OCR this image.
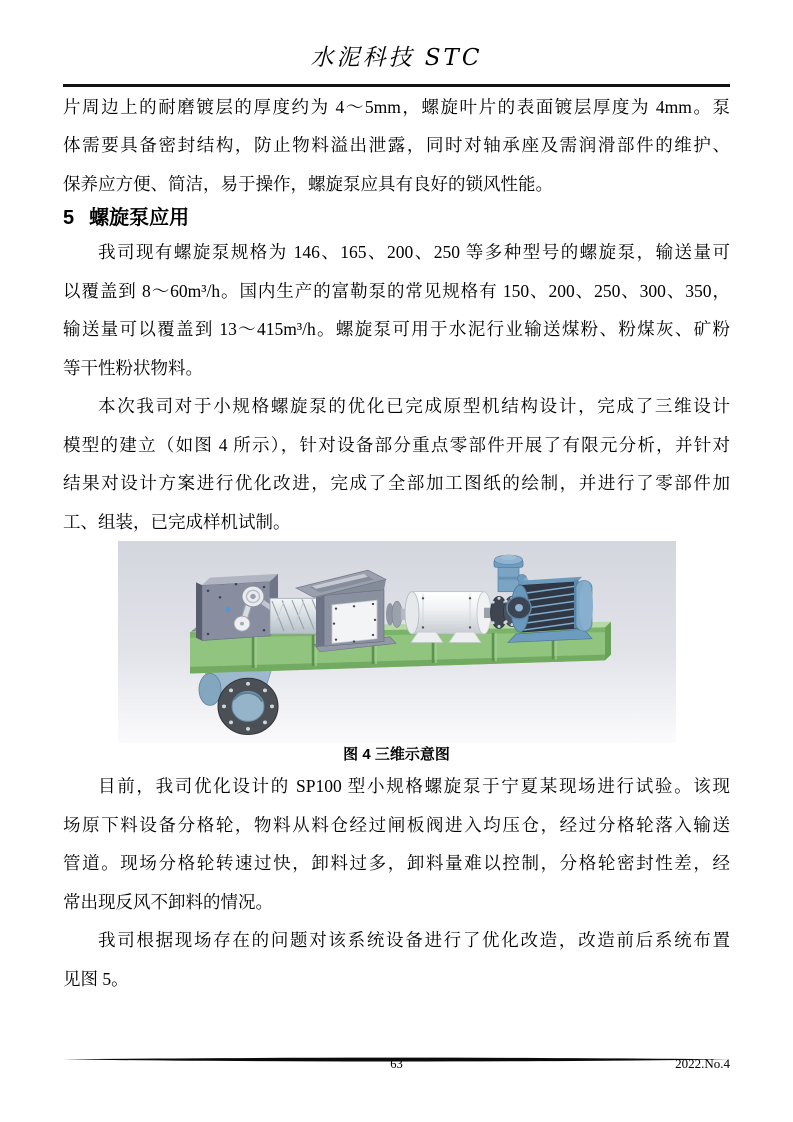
水泥科技 STC
片周边上的耐磨镀层的厚度约为 4～5mm，螺旋叶片的表面镀层厚度为 4mm。泵
体需要具备密封结构，防止物料溢出泄露，同时对轴承座及需润滑部件的维护、
保养应方便、简洁，易于操作，螺旋泵应具有良好的锁风性能。
5 螺旋泵应用
我司现有螺旋泵规格为 146、165、200、250 等多种型号的螺旋泵，输送量可
以覆盖到 8～60m³/h。国内生产的富勒泵的常见规格有 150、200、250、300、350，
输送量可以覆盖到 13～415m³/h。螺旋泵可用于水泥行业输送煤粉、粉煤灰、矿粉
等干性粉状物料。
本次我司对于小规格螺旋泵的优化已完成原型机结构设计，完成了三维设计
模型的建立（如图 4 所示），针对设备部分重点零部件开展了有限元分析，并针对
结果对设计方案进行优化改进，完成了全部加工图纸的绘制，并进行了零部件加
工、组装，已完成样机试制。
图 4 三维示意图
目前，我司优化设计的 SP100 型小规格螺旋泵于宁夏某现场进行试验。该现
场原下料设备分格轮，物料从料仓经过闸板阀进入均压仓，经过分格轮落入输送
管道。现场分格轮转速过快，卸料过多，卸料量难以控制，分格轮密封性差，经
常出现反风不卸料的情况。
我司根据现场存在的问题对该系统设备进行了优化改造，改造前后系统布置
见图 5。
63	2022.No.4
